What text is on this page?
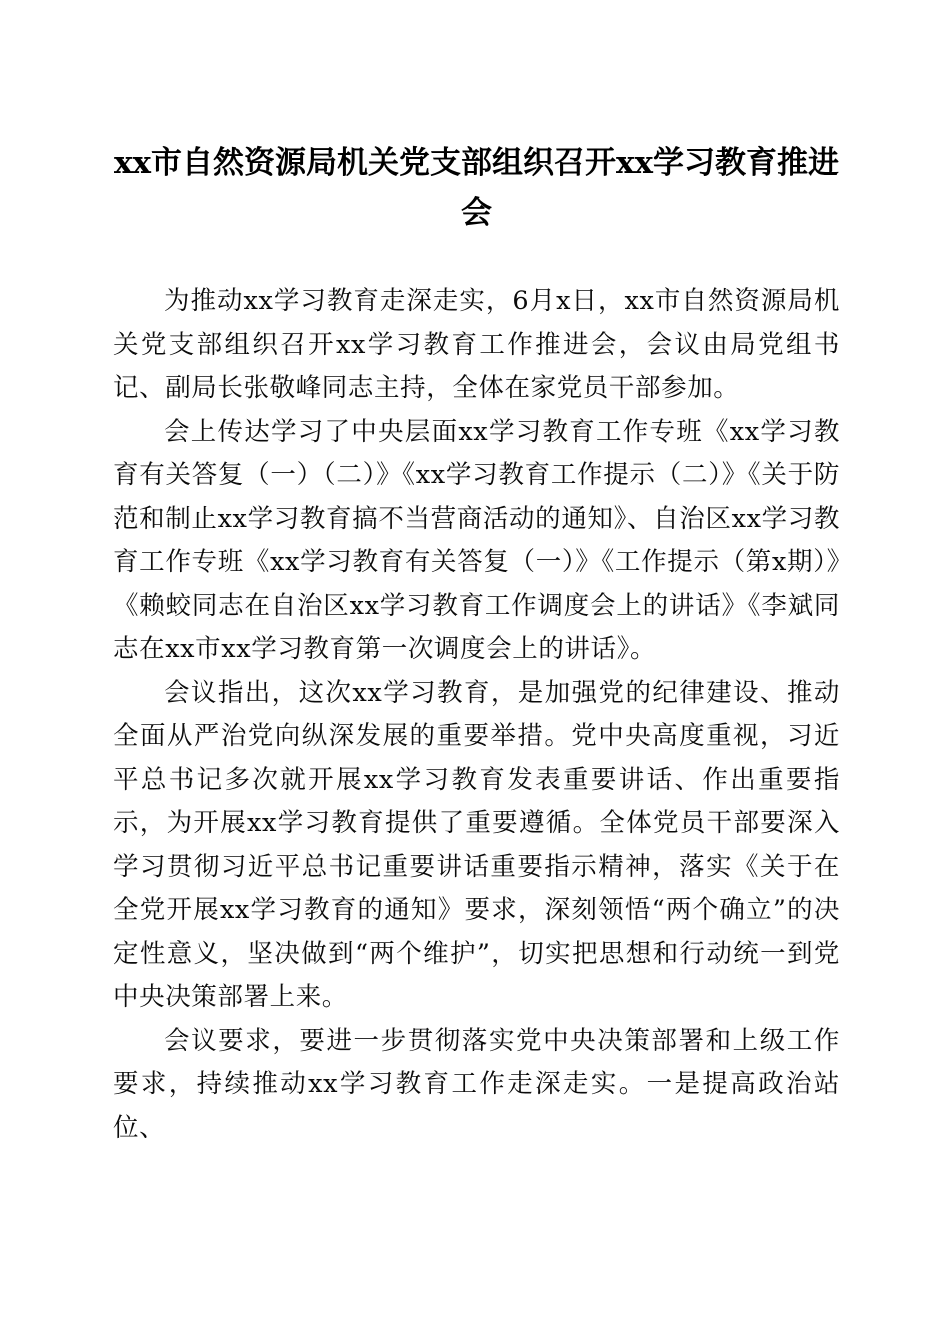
xx市自然资源局机关党支部组织召开xx学习教育推进会

为推动xx学习教育走深走实，6月x日，xx市自然资源局机关党支部组织召开xx学习教育工作推进会，会议由局党组书记、副局长张敬峰同志主持，全体在家党员干部参加。

会上传达学习了中央层面xx学习教育工作专班《xx学习教育有关答复（一）（二）》《xx学习教育工作提示（二）》《关于防范和制止xx学习教育搞不当营商活动的通知》、自治区xx学习教育工作专班《xx学习教育有关答复（一）》《工作提示（第x期）》《赖蛟同志在自治区xx学习教育工作调度会上的讲话》《李斌同志在xx市xx学习教育第一次调度会上的讲话》。

会议指出，这次xx学习教育，是加强党的纪律建设、推动全面从严治党向纵深发展的重要举措。党中央高度重视，习近平总书记多次就开展xx学习教育发表重要讲话、作出重要指示，为开展xx学习教育提供了重要遵循。全体党员干部要深入学习贯彻习近平总书记重要讲话重要指示精神，落实《关于在全党开展xx学习教育的通知》要求，深刻领悟“两个确立”的决定性意义，坚决做到“两个维护”，切实把思想和行动统一到党中央决策部署上来。

会议要求，要进一步贯彻落实党中央决策部署和上级工作要求，持续推动xx学习教育工作走深走实。一是提高政治站位、
